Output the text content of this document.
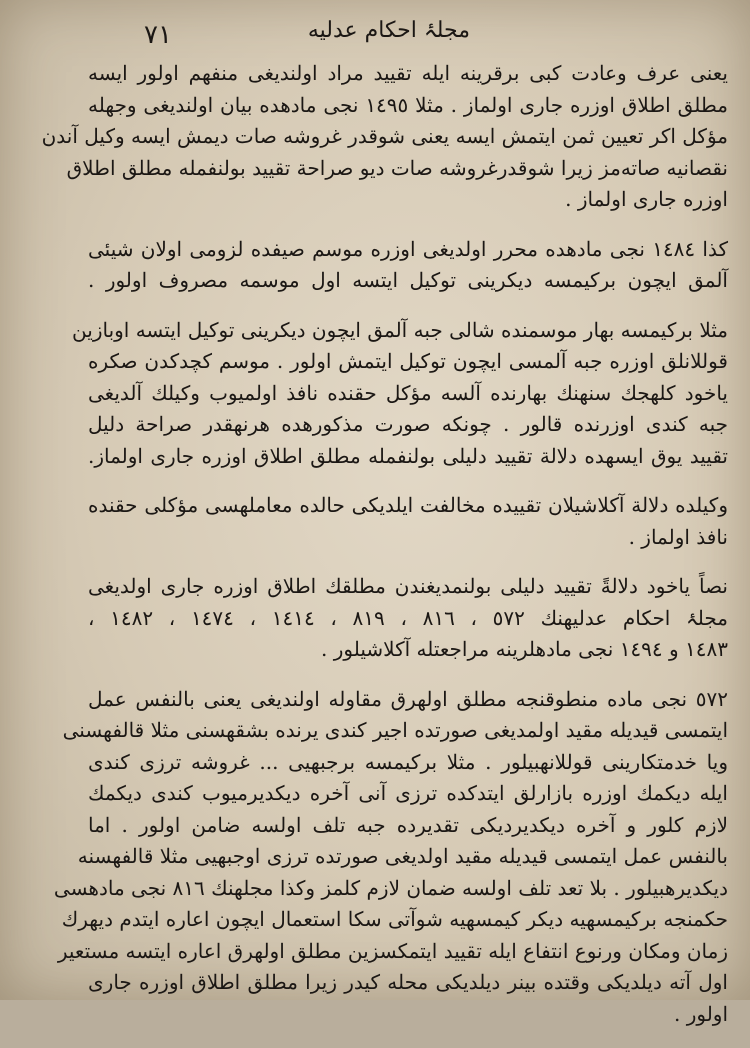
٧١	مجلۂ احکام عدلیه
یعنی عرف وعادت کبی برقرینه ایله تقیید مراد اولندیغی منفهم اولور ایسه
مطلق اطلاق اوزره جاری اولماز . مثلا ۱٤٩٥ نجی مادهده بیان اولندیغی وجهله
مؤکل اکر تعیین ثمن ایتمش ایسه یعنی شوقدر غروشه صات دیمش ایسه وکیل آندن
نقصانیه صاته‌مز زیرا شوقدرغروشه صات دیو صراحة تقیید بولنفمله مطلق اطلاق
اوزره جاری اولماز .
کذا ۱٤٨٤ نجی مادهده محرر اولدیغی اوزره موسم صیفده لزومی اولان شیئی
آلمق ایچون برکیمسه دیکرینی توکیل ایتسه اول موسمه مصروف اولور .
مثلا برکیمسه بهار موسمنده شالی جبه آلمق ایچون دیکرینی توکیل ایتسه اوبازین
قوللانلق اوزره جبه آلمسی ایچون توکیل ایتمش اولور . موسم کچدکدن صکره
یاخود کلهجك سنهنك بهارنده آلسه مؤکل حقنده نافذ اولمیوب وکیلك آلدیغی
جبه کندی اوزرنده قالور . چونکه صورت مذکورهده هرنهقدر صراحة دلیل
تقیید یوق ایسهده دلالة تقیید دلیلی بولنفمله مطلق اطلاق اوزره جاری اولماز.
وکیلده دلالة آکلاشیلان تقییده مخالفت ایلدیکی حالده معاملهسی مؤکلی حقنده
نافذ اولماز .
نصاً یاخود دلالةً تقیید دلیلی بولنمدیغندن مطلقك اطلاق اوزره جاری اولدیغی
مجلۂ احکام عدلیهنك ٥٧٢ ، ٨١٦ ، ٨١٩ ، ١٤١٤ ، ١٤٧٤ ، ١٤٨٢ ،
١٤٨٣ و ١٤٩٤ نجی مادهلرینه مراجعتله آکلاشیلور .
٥٧٢ نجی ماده منطوقنجه مطلق اولهرق مقاوله اولندیغی یعنی بالنفس عمل
ایتمسی قیدیله مقید اولمدیغی صورتده اجیر کندی یرنده بشقهسنی مثلا قالفهسنی
ویا خدمتکارینی قوللانهبیلور . مثلا برکیمسه برجبهیی ... غروشه ترزی کندی
ایله دیکمك اوزره بازارلق ایتدکده ترزی آنی آخره دیکدیرمیوب کندی دیکمك
لازم کلور و آخره دیکدیردیکی تقدیرده جبه تلف اولسه ضامن اولور . اما
بالنفس عمل ایتمسی قیدیله مقید اولدیغی صورتده ترزی اوجبهیی مثلا قالفهسنه
دیکدیرهبیلور . بلا تعد تلف اولسه ضمان لازم کلمز وکذا مجلهنك ٨١٦ نجی مادهسی
حکمنجه برکیمسهیه دیکر کیمسهیه شوآتی سکا استعمال ایچون اعاره ایتدم دیهرك
زمان ومکان ورنوع انتفاع ایله تقیید ایتمکسزین مطلق اولهرق اعاره ایتسه مستعیر
اول آته دیلدیکی وقتده بینر دیلدیکی محله کیدر زیرا مطلق اطلاق اوزره جاری
اولور .
